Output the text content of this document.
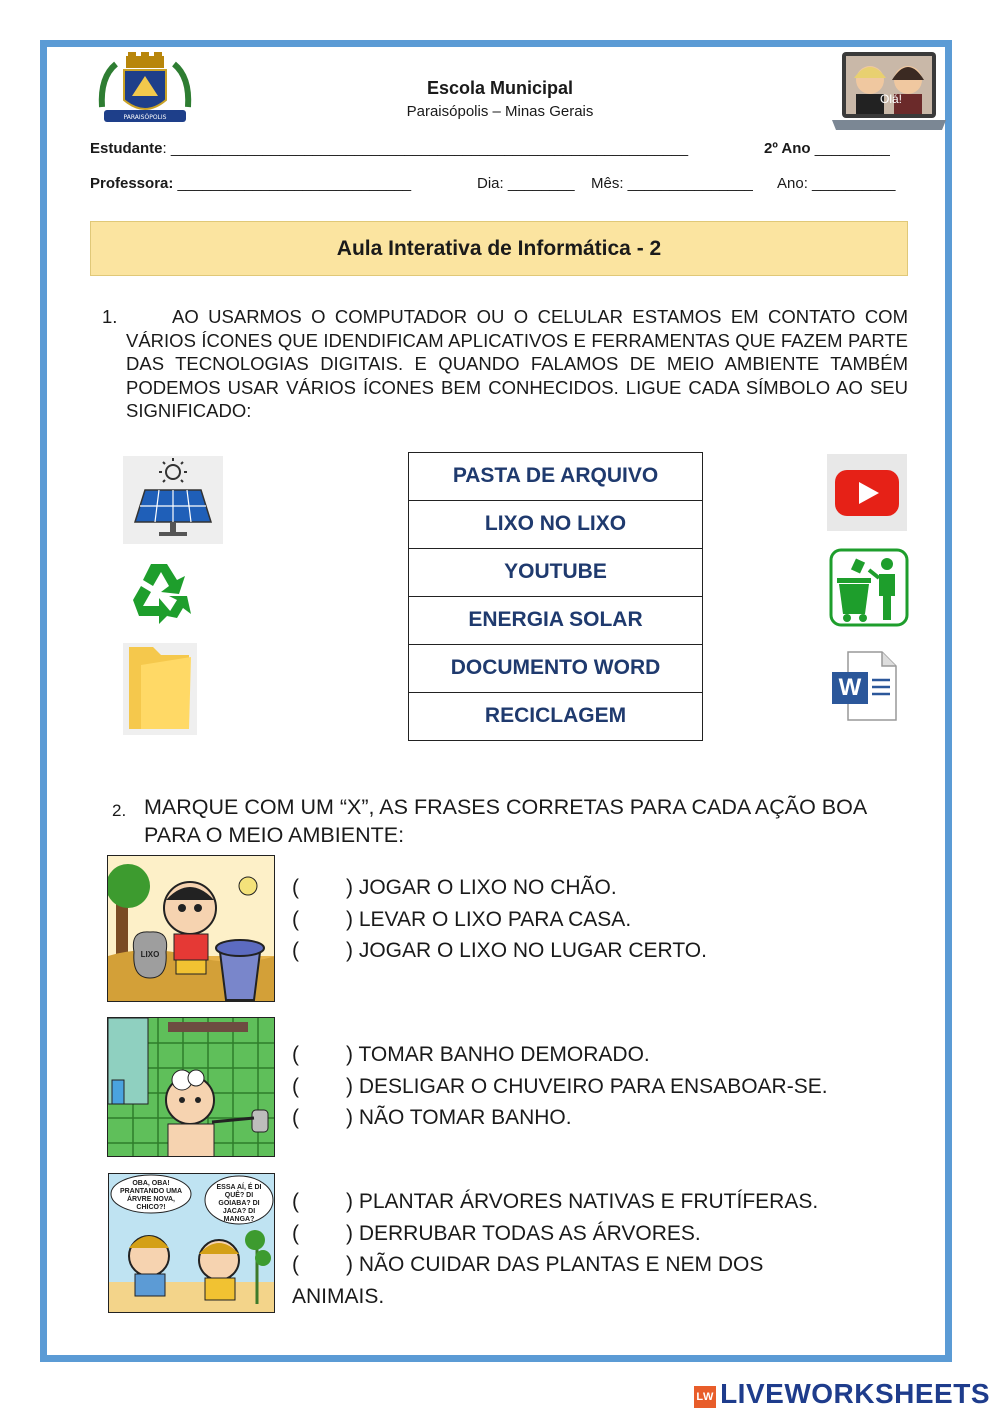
PARAISÓPOLIS
Escola Municipal
Paraisópolis – Minas Gerais
Olá!
Estudante: ______________________________________________________________	2º Ano _________
Professora: ____________________________	Dia: ________ Mês: _______________ Ano: __________
Aula Interativa de Informática - 2
1.	AO USARMOS O COMPUTADOR OU O CELULAR ESTAMOS EM CONTATO COM VÁRIOS ÍCONES QUE IDENDIFICAM APLICATIVOS E FERRAMENTAS QUE FAZEM PARTE DAS TECNOLOGIAS DIGITAIS. E QUANDO FALAMOS DE MEIO AMBIENTE TAMBÉM PODEMOS USAR VÁRIOS ÍCONES BEM CONHECIDOS. LIGUE CADA SÍMBOLO AO SEU SIGNIFICADO:
PASTA DE ARQUIVO
LIXO NO LIXO
YOUTUBE
ENERGIA SOLAR
DOCUMENTO WORD
RECICLAGEM
W
2. MARQUE COM UM “X”, AS FRASES CORRETAS PARA CADA AÇÃO BOA PARA O MEIO AMBIENTE:
LIXO
( ) JOGAR O LIXO NO CHÃO.
( ) LEVAR O LIXO PARA CASA.
( ) JOGAR O LIXO NO LUGAR CERTO.
( ) TOMAR BANHO DEMORADO.
( ) DESLIGAR O CHUVEIRO PARA ENSABOAR-SE.
( ) NÃO TOMAR BANHO.
OBA, OBA! PRANTANDO UMA ÁRVRE NOVA, CHICO?!
ESSA AÍ, É DI QUÊ? DI GOIABA? DI JACA? DI MANGA?
( ) PLANTAR ÁRVORES NATIVAS E FRUTÍFERAS.
( ) DERRUBAR TODAS AS ÁRVORES.
( ) NÃO CUIDAR DAS PLANTAS E NEM DOS
ANIMAIS.
LW LIVEWORKSHEETS
